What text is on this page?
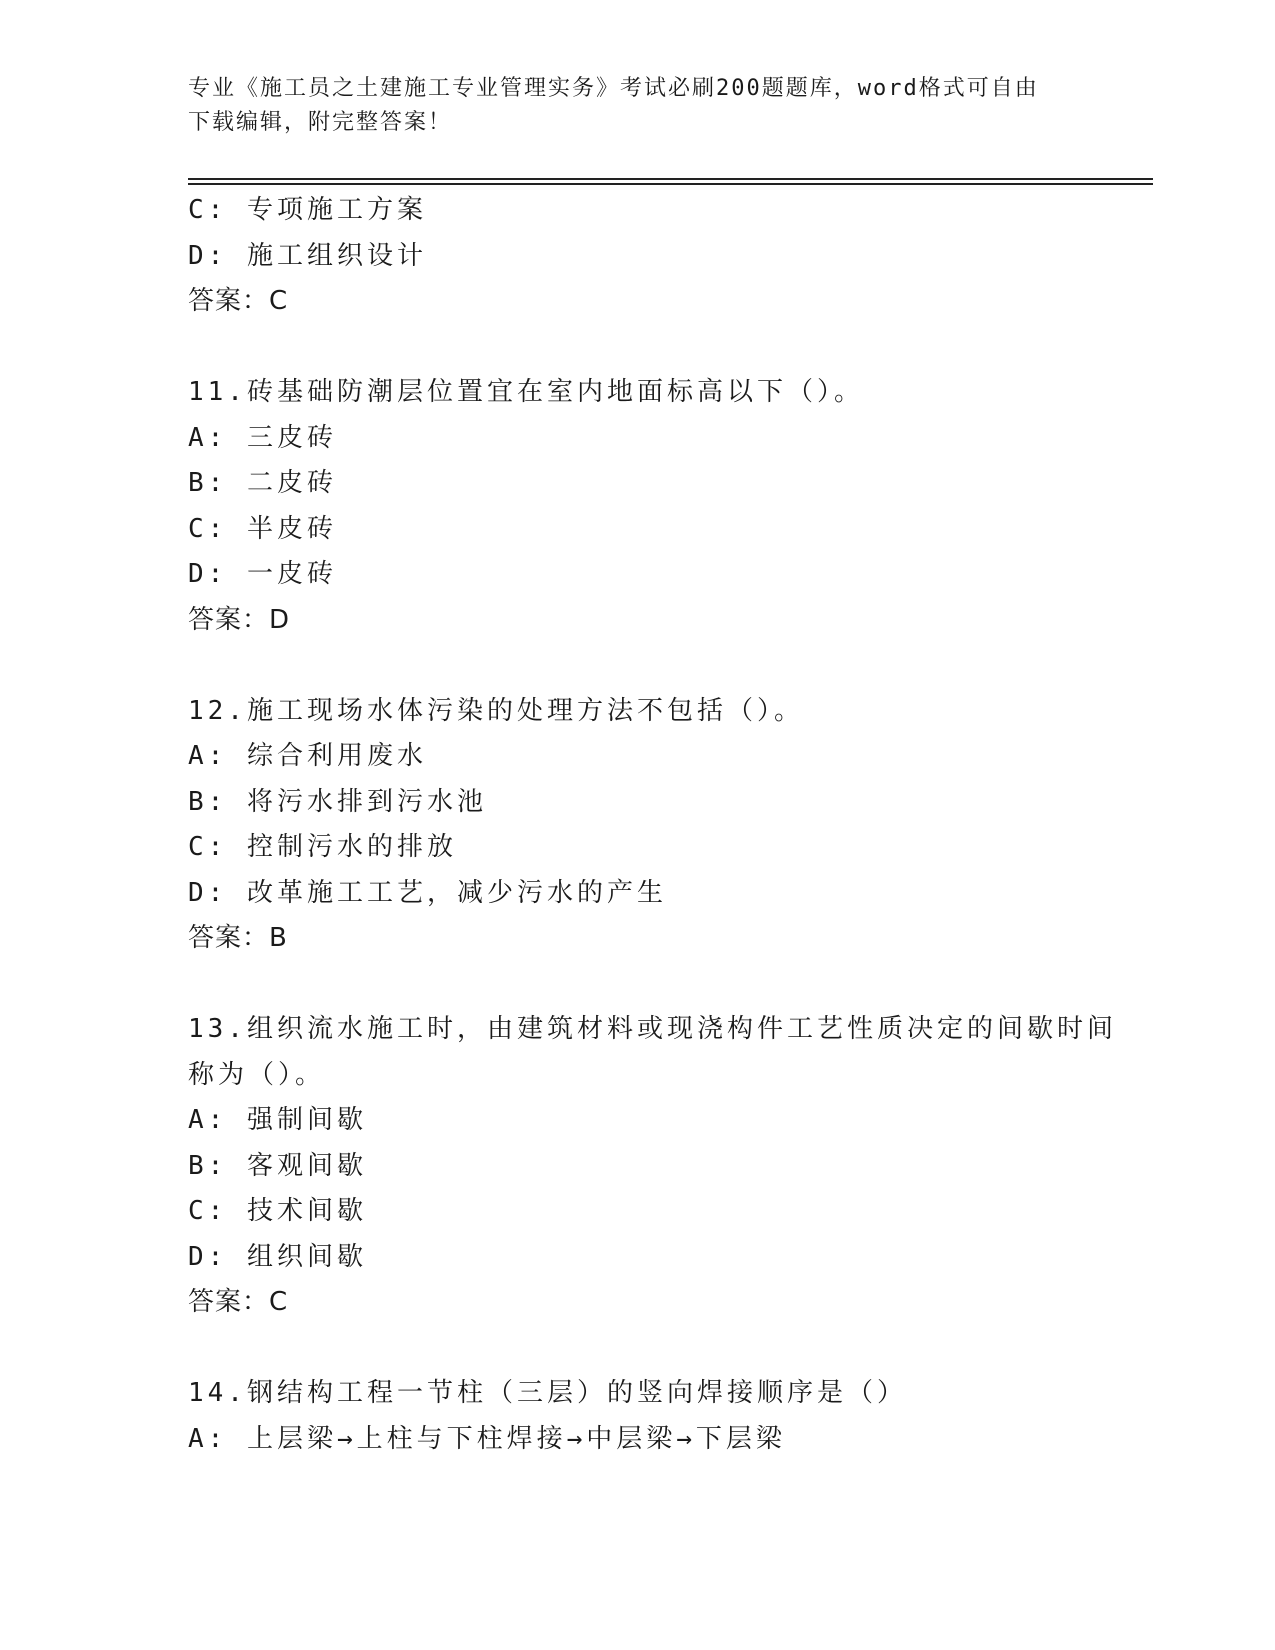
专业《施工员之土建施工专业管理实务》考试必刷200题题库，word格式可自由
下载编辑，附完整答案！
C: 专项施工方案
D: 施工组织设计
答案：C
11.砖基础防潮层位置宜在室内地面标高以下（）。
A: 三皮砖
B: 二皮砖
C: 半皮砖
D: 一皮砖
答案：D
12.施工现场水体污染的处理方法不包括（）。
A: 综合利用废水
B: 将污水排到污水池
C: 控制污水的排放
D: 改革施工工艺，减少污水的产生
答案：B
13.组织流水施工时，由建筑材料或现浇构件工艺性质决定的间歇时间
称为（）。
A: 强制间歇
B: 客观间歇
C: 技术间歇
D: 组织间歇
答案：C
14.钢结构工程一节柱（三层）的竖向焊接顺序是（）
A: 上层梁→上柱与下柱焊接→中层梁→下层梁
